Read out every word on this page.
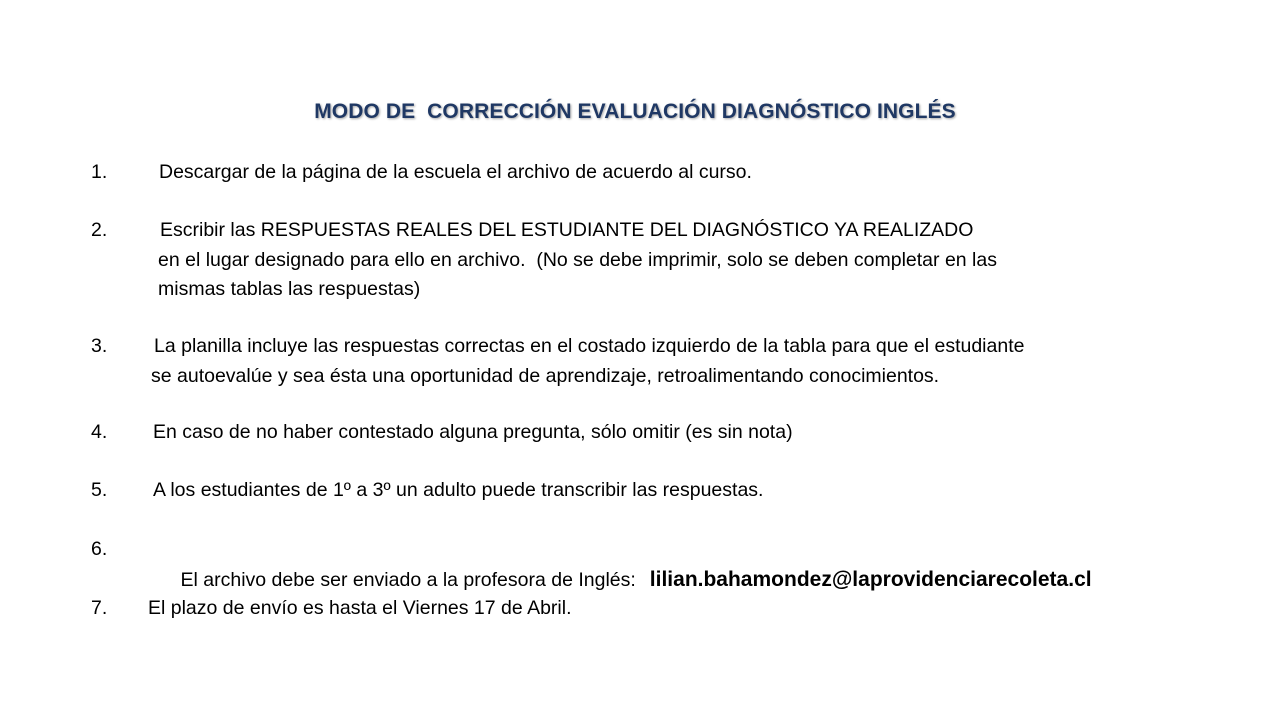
MODO DE  CORRECCIÓN EVALUACIÓN DIAGNÓSTICO INGLÉS
1.	Descargar de la página de la escuela el archivo de acuerdo al curso.
2.	Escribir las RESPUESTAS REALES DEL ESTUDIANTE DEL DIAGNÓSTICO YA REALIZADO
en el lugar designado para ello en archivo.  (No se debe imprimir, solo se deben completar en las
mismas tablas las respuestas)
3. La planilla incluye las respuestas correctas en el costado izquierdo de la tabla para que el estudiante
se autoevalúe y sea ésta una oportunidad de aprendizaje, retroalimentando conocimientos.
4. En caso de no haber contestado alguna pregunta, sólo omitir (es sin nota)
5. A los estudiantes de 1º a 3º un adulto puede transcribir las respuestas.
6.

El archivo debe ser enviado a la profesora de Inglés: lilian.bahamondez@laprovidenciarecoleta.cl

7. El plazo de envío es hasta el Viernes 17 de Abril.
